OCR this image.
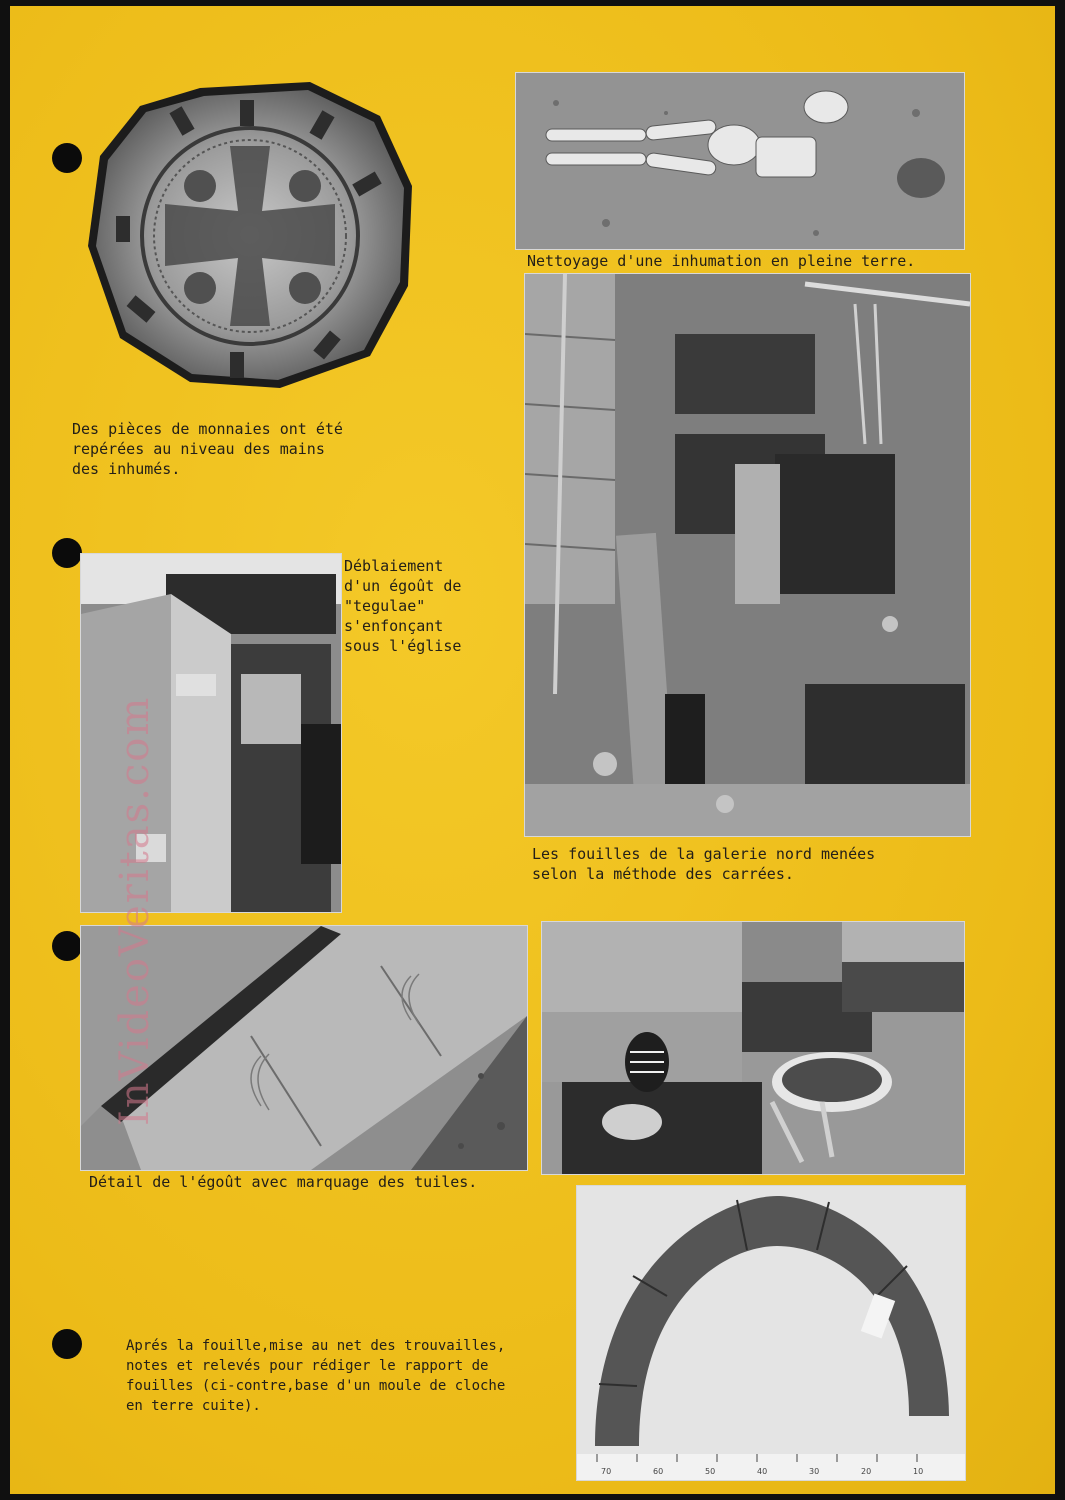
Des pièces de monnaies ont été
repérées au niveau des mains
des inhumés.
Nettoyage d'une inhumation en pleine terre.
Les fouilles de la galerie nord menées
selon la méthode des carrées.
Déblaiement
d'un égoût de
"tegulae"
s'enfonçant
sous l'église
Détail de l'égoût avec marquage des tuiles.
70	60	50	40	30	20	10
Aprés la fouille,mise au net des trouvailles,
notes et relevés pour rédiger le rapport de
fouilles (ci-contre,base d'un moule de cloche
en terre cuite).
InVideoVeritas.com
